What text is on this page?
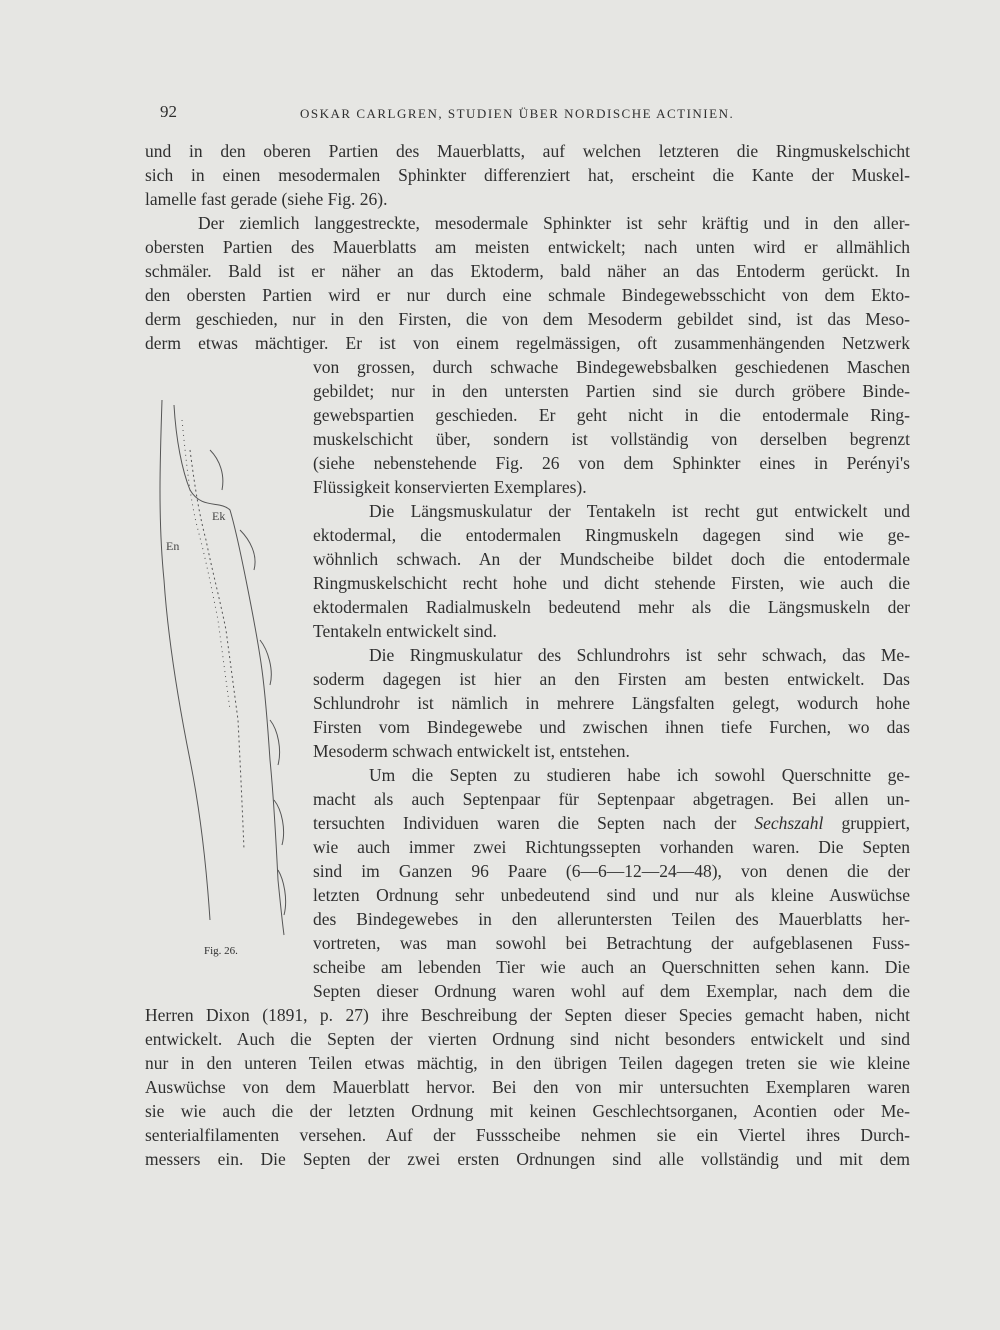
92	OSKAR CARLGREN, STUDIEN ÜBER NORDISCHE ACTINIEN.
und in den oberen Partien des Mauerblatts, auf welchen letzteren die Ringmuskelschicht
sich in einen mesodermalen Sphinkter differenziert hat, erscheint die Kante der Muskel-
lamelle fast gerade (siehe Fig. 26).
Der ziemlich langgestreckte, mesodermale Sphinkter ist sehr kräftig und in den aller-
obersten Partien des Mauerblatts am meisten entwickelt; nach unten wird er allmählich
schmäler. Bald ist er näher an das Ektoderm, bald näher an das Entoderm gerückt. In
den obersten Partien wird er nur durch eine schmale Bindegewebsschicht von dem Ekto-
derm geschieden, nur in den Firsten, die von dem Mesoderm gebildet sind, ist das Meso-
derm etwas mächtiger. Er ist von einem regelmässigen, oft zusammenhängenden Netzwerk
von grossen, durch schwache Bindegewebsbalken geschiedenen Maschen
gebildet; nur in den untersten Partien sind sie durch gröbere Binde-
gewebspartien geschieden. Er geht nicht in die entodermale Ring-
muskelschicht über, sondern ist vollständig von derselben begrenzt
(siehe nebenstehende Fig. 26 von dem Sphinkter eines in Perényi's
Flüssigkeit konservierten Exemplares).
Die Längsmuskulatur der Tentakeln ist recht gut entwickelt und
ektodermal, die entodermalen Ringmuskeln dagegen sind wie ge-
wöhnlich schwach. An der Mundscheibe bildet doch die entodermale
Ringmuskelschicht recht hohe und dicht stehende Firsten, wie auch die
ektodermalen Radialmuskeln bedeutend mehr als die Längsmuskeln der
Tentakeln entwickelt sind.
Die Ringmuskulatur des Schlundrohrs ist sehr schwach, das Me-
soderm dagegen ist hier an den Firsten am besten entwickelt. Das
Schlundrohr ist nämlich in mehrere Längsfalten gelegt, wodurch hohe
Firsten vom Bindegewebe und zwischen ihnen tiefe Furchen, wo das
Mesoderm schwach entwickelt ist, entstehen.
Um die Septen zu studieren habe ich sowohl Querschnitte ge-
macht als auch Septenpaar für Septenpaar abgetragen. Bei allen un-
tersuchten Individuen waren die Septen nach der Sechszahl gruppiert,
wie auch immer zwei Richtungssepten vorhanden waren. Die Septen
sind im Ganzen 96 Paare (6—6—12—24—48), von denen die der
letzten Ordnung sehr unbedeutend sind und nur als kleine Auswüchse
des Bindegewebes in den alleruntersten Teilen des Mauerblatts her-
vortreten, was man sowohl bei Betrachtung der aufgeblasenen Fuss-
scheibe am lebenden Tier wie auch an Querschnitten sehen kann. Die
Septen dieser Ordnung waren wohl auf dem Exemplar, nach dem die
Herren Dixon (1891, p. 27) ihre Beschreibung der Septen dieser Species gemacht haben, nicht
entwickelt. Auch die Septen der vierten Ordnung sind nicht besonders entwickelt und sind
nur in den unteren Teilen etwas mächtig, in den übrigen Teilen dagegen treten sie wie kleine
Auswüchse von dem Mauerblatt hervor. Bei den von mir untersuchten Exemplaren waren
sie wie auch die der letzten Ordnung mit keinen Geschlechtsorganen, Acontien oder Me-
senterialfilamenten versehen. Auf der Fussscheibe nehmen sie ein Viertel ihres Durch-
messers ein. Die Septen der zwei ersten Ordnungen sind alle vollständig und mit dem
Ek
En
Fig. 26.
